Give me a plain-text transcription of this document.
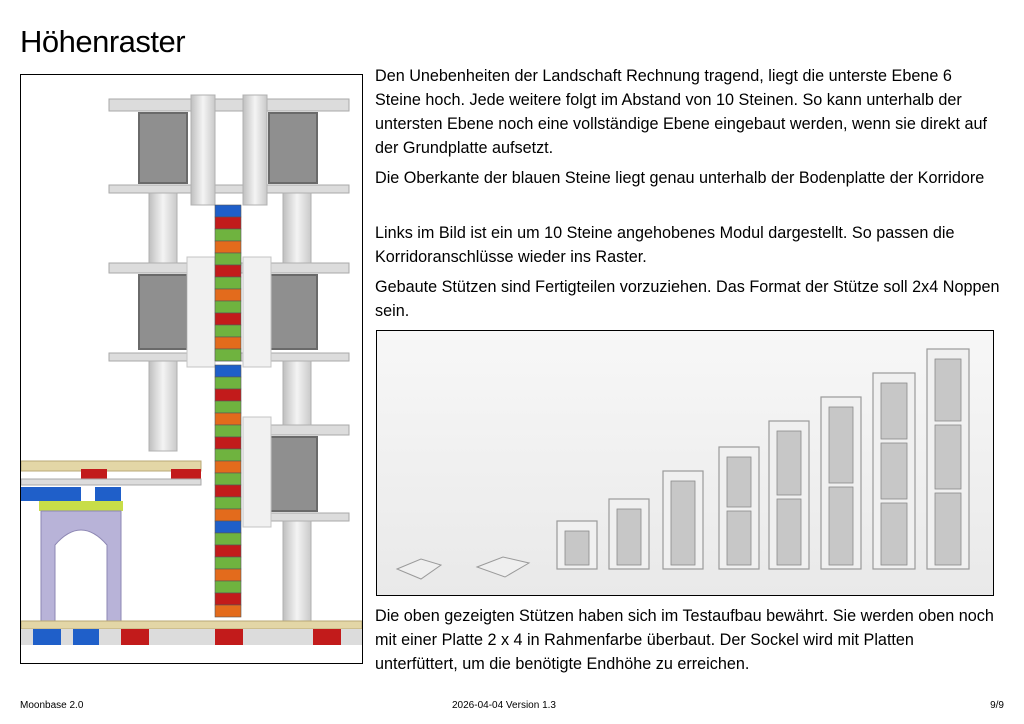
Höhenraster
Den Unebenheiten der Landschaft Rechnung tragend, liegt die unterste Ebene 6 Steine hoch. Jede weitere folgt im Abstand von 10 Steinen. So kann unterhalb der untersten Ebene noch eine vollständige Ebene eingebaut werden, wenn sie direkt auf der Grundplatte aufsetzt.
Die Oberkante der blauen Steine liegt genau unterhalb der Bodenplatte der Korridore
Links im Bild ist ein um 10 Steine angehobenes Modul dargestellt. So passen die Korridoranschlüsse wieder ins Raster.
Gebaute Stützen sind Fertigteilen vorzuziehen. Das Format der Stütze soll 2x4 Noppen sein.
Die oben gezeigten Stützen haben sich im Testaufbau bewährt. Sie werden oben noch mit einer Platte 2 x 4 in Rahmenfarbe überbaut. Der Sockel wird mit Platten unterfüttert, um die benötigte Endhöhe zu erreichen.
Moonbase 2.0	2026-04-04 Version 1.3	9/9
